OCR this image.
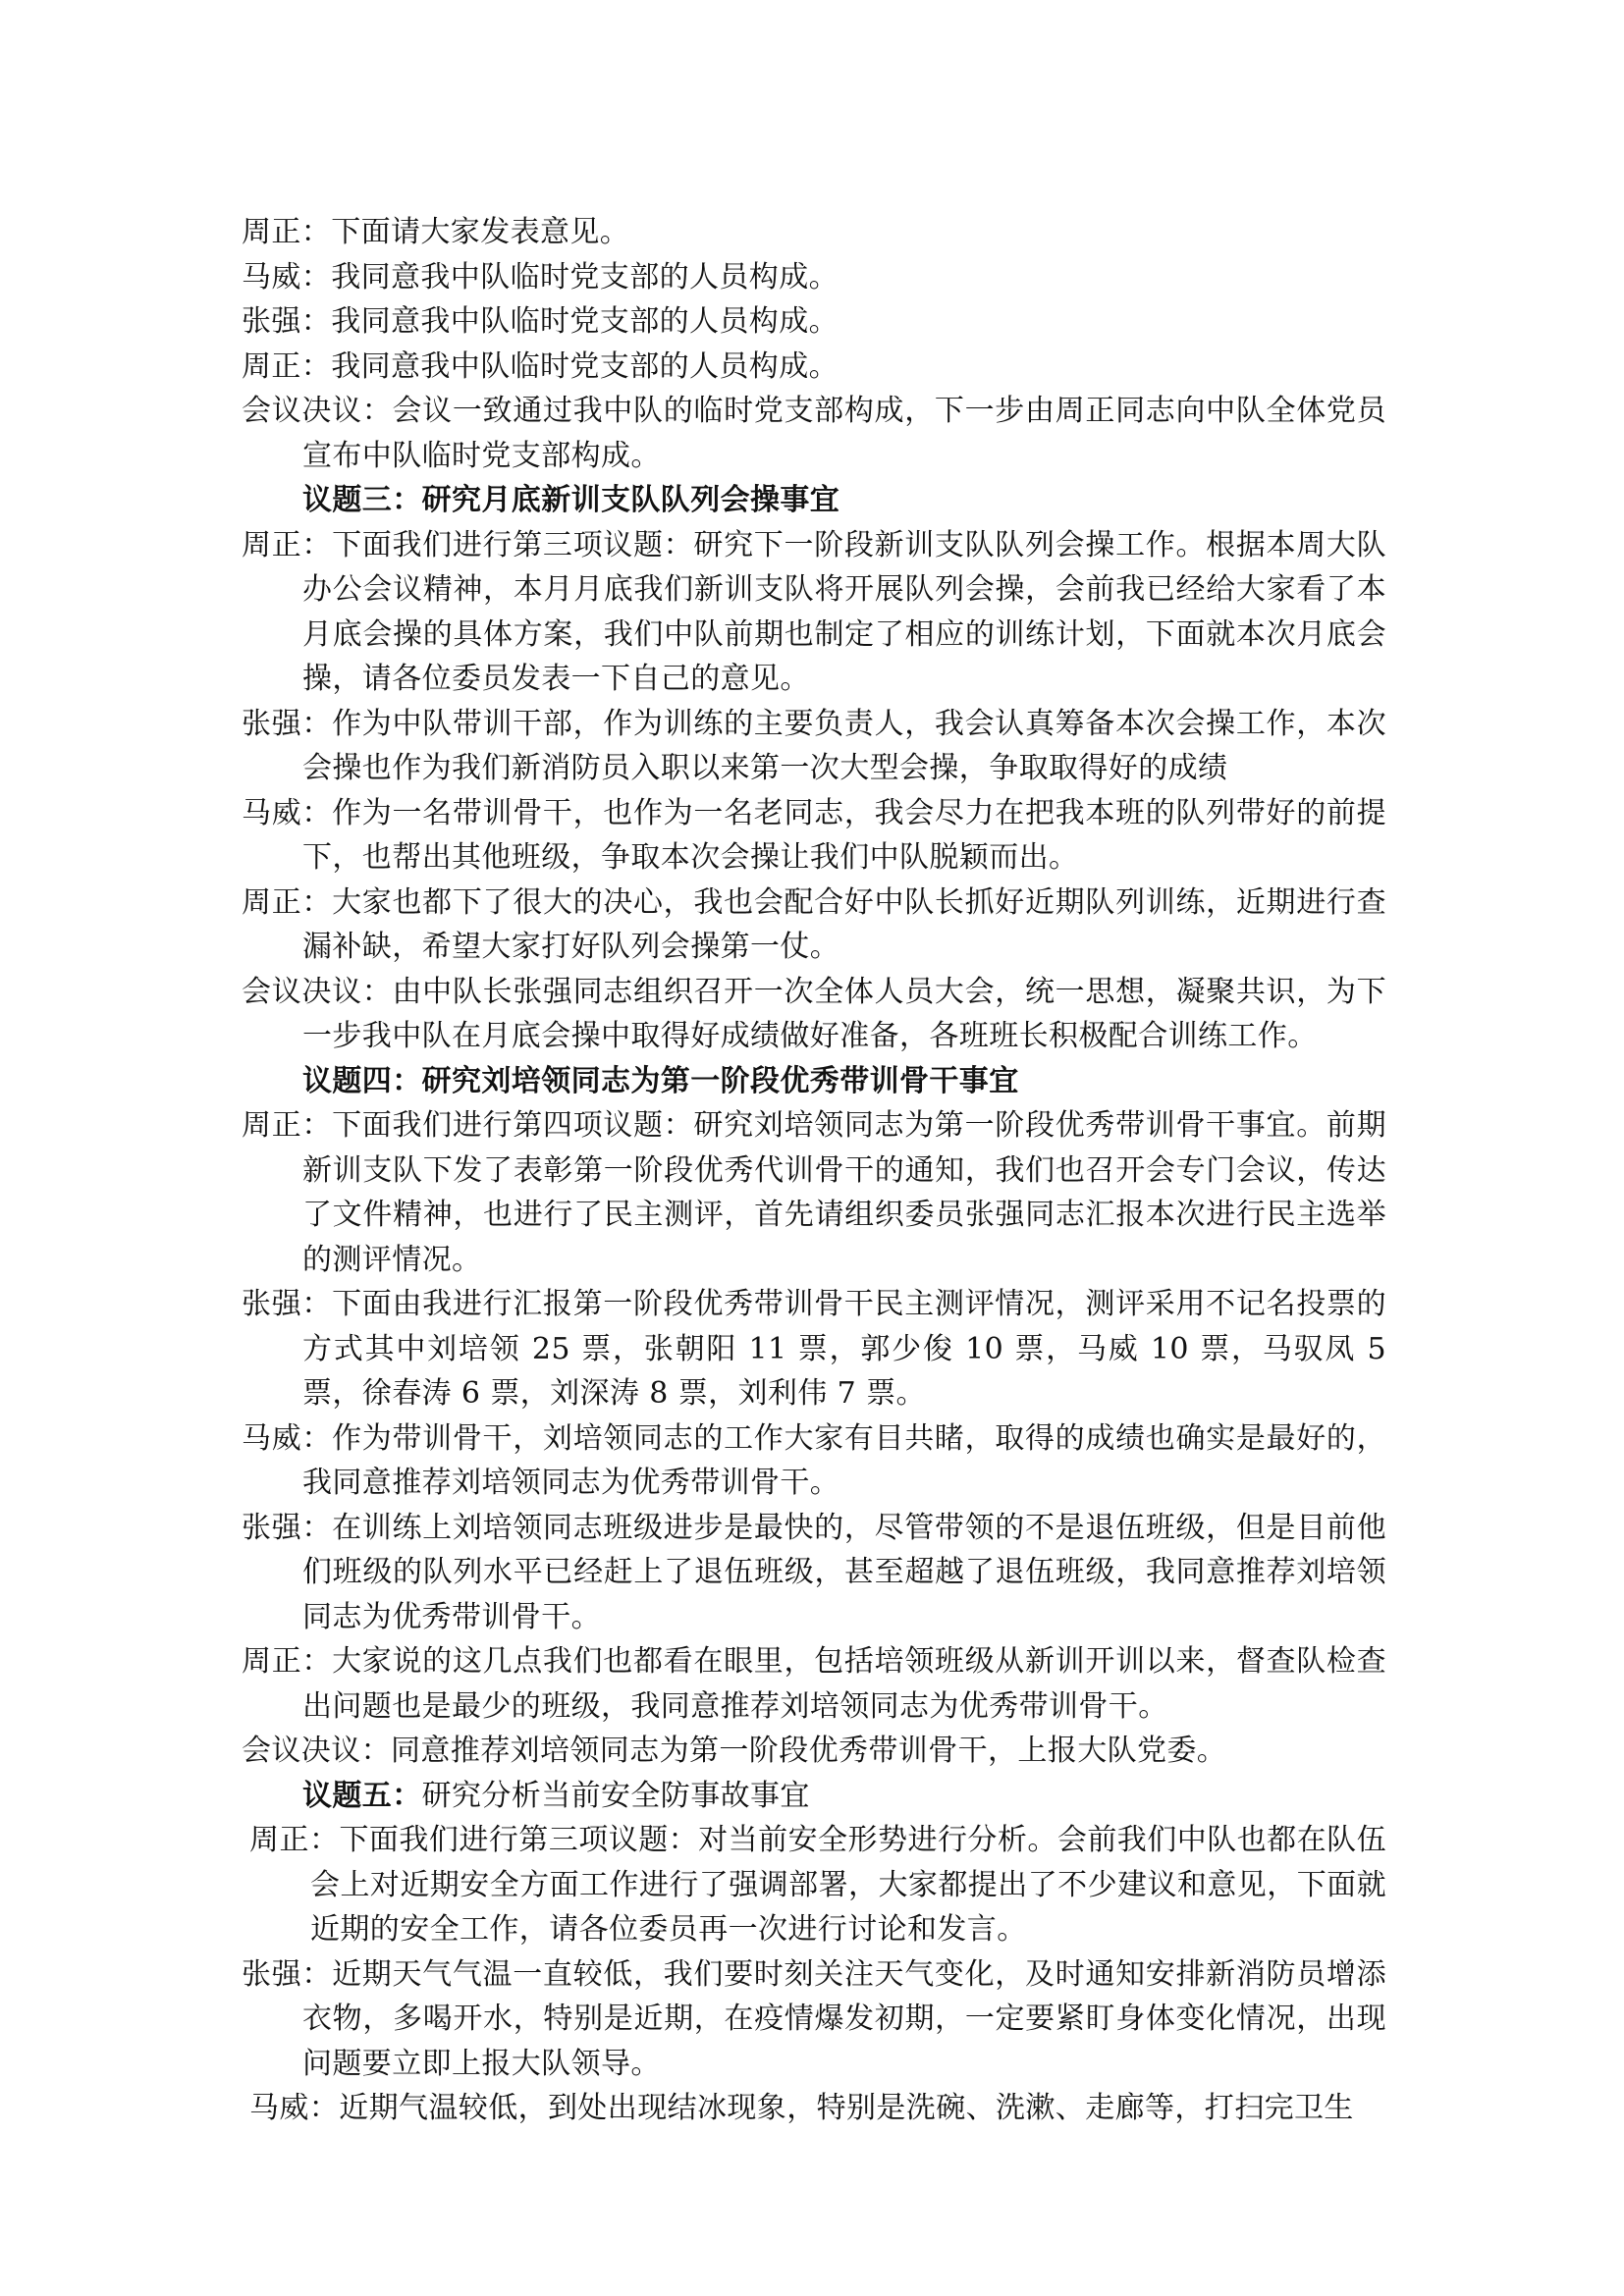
周正：下面请大家发表意见。

马威：我同意我中队临时党支部的人员构成。

张强：我同意我中队临时党支部的人员构成。

周正：我同意我中队临时党支部的人员构成。

会议决议：会议一致通过我中队的临时党支部构成，下一步由周正同志向中队全体党员宣布中队临时党支部构成。

议题三：研究月底新训支队队列会操事宜

周正：下面我们进行第三项议题：研究下一阶段新训支队队列会操工作。根据本周大队办公会议精神，本月月底我们新训支队将开展队列会操，会前我已经给大家看了本月底会操的具体方案，我们中队前期也制定了相应的训练计划，下面就本次月底会操，请各位委员发表一下自己的意见。

张强：作为中队带训干部，作为训练的主要负责人，我会认真筹备本次会操工作，本次会操也作为我们新消防员入职以来第一次大型会操，争取取得好的成绩

马威：作为一名带训骨干，也作为一名老同志，我会尽力在把我本班的队列带好的前提下，也帮出其他班级，争取本次会操让我们中队脱颖而出。

周正：大家也都下了很大的决心，我也会配合好中队长抓好近期队列训练，近期进行查漏补缺，希望大家打好队列会操第一仗。

会议决议：由中队长张强同志组织召开一次全体人员大会，统一思想，凝聚共识，为下一步我中队在月底会操中取得好成绩做好准备，各班班长积极配合训练工作。

议题四：研究刘培领同志为第一阶段优秀带训骨干事宜

周正：下面我们进行第四项议题：研究刘培领同志为第一阶段优秀带训骨干事宜。前期新训支队下发了表彰第一阶段优秀代训骨干的通知，我们也召开会专门会议，传达了文件精神，也进行了民主测评，首先请组织委员张强同志汇报本次进行民主选举的测评情况。

张强：下面由我进行汇报第一阶段优秀带训骨干民主测评情况，测评采用不记名投票的方式其中刘培领 25 票，张朝阳 11 票，郭少俊 10 票，马威 10 票，马驭凤 5 票，徐春涛 6 票，刘深涛 8 票，刘利伟 7 票。

马威：作为带训骨干，刘培领同志的工作大家有目共睹，取得的成绩也确实是最好的，我同意推荐刘培领同志为优秀带训骨干。

张强：在训练上刘培领同志班级进步是最快的，尽管带领的不是退伍班级，但是目前他们班级的队列水平已经赶上了退伍班级，甚至超越了退伍班级，我同意推荐刘培领同志为优秀带训骨干。

周正：大家说的这几点我们也都看在眼里，包括培领班级从新训开训以来，督查队检查出问题也是最少的班级，我同意推荐刘培领同志为优秀带训骨干。

会议决议：同意推荐刘培领同志为第一阶段优秀带训骨干，上报大队党委。

议题五：研究分析当前安全防事故事宜

周正：下面我们进行第三项议题：对当前安全形势进行分析。会前我们中队也都在队伍会上对近期安全方面工作进行了强调部署，大家都提出了不少建议和意见，下面就近期的安全工作，请各位委员再一次进行讨论和发言。

张强：近期天气气温一直较低，我们要时刻关注天气变化，及时通知安排新消防员增添衣物，多喝开水，特别是近期，在疫情爆发初期，一定要紧盯身体变化情况，出现问题要立即上报大队领导。

马威：近期气温较低，到处出现结冰现象，特别是洗碗、洗漱、走廊等，打扫完卫生
